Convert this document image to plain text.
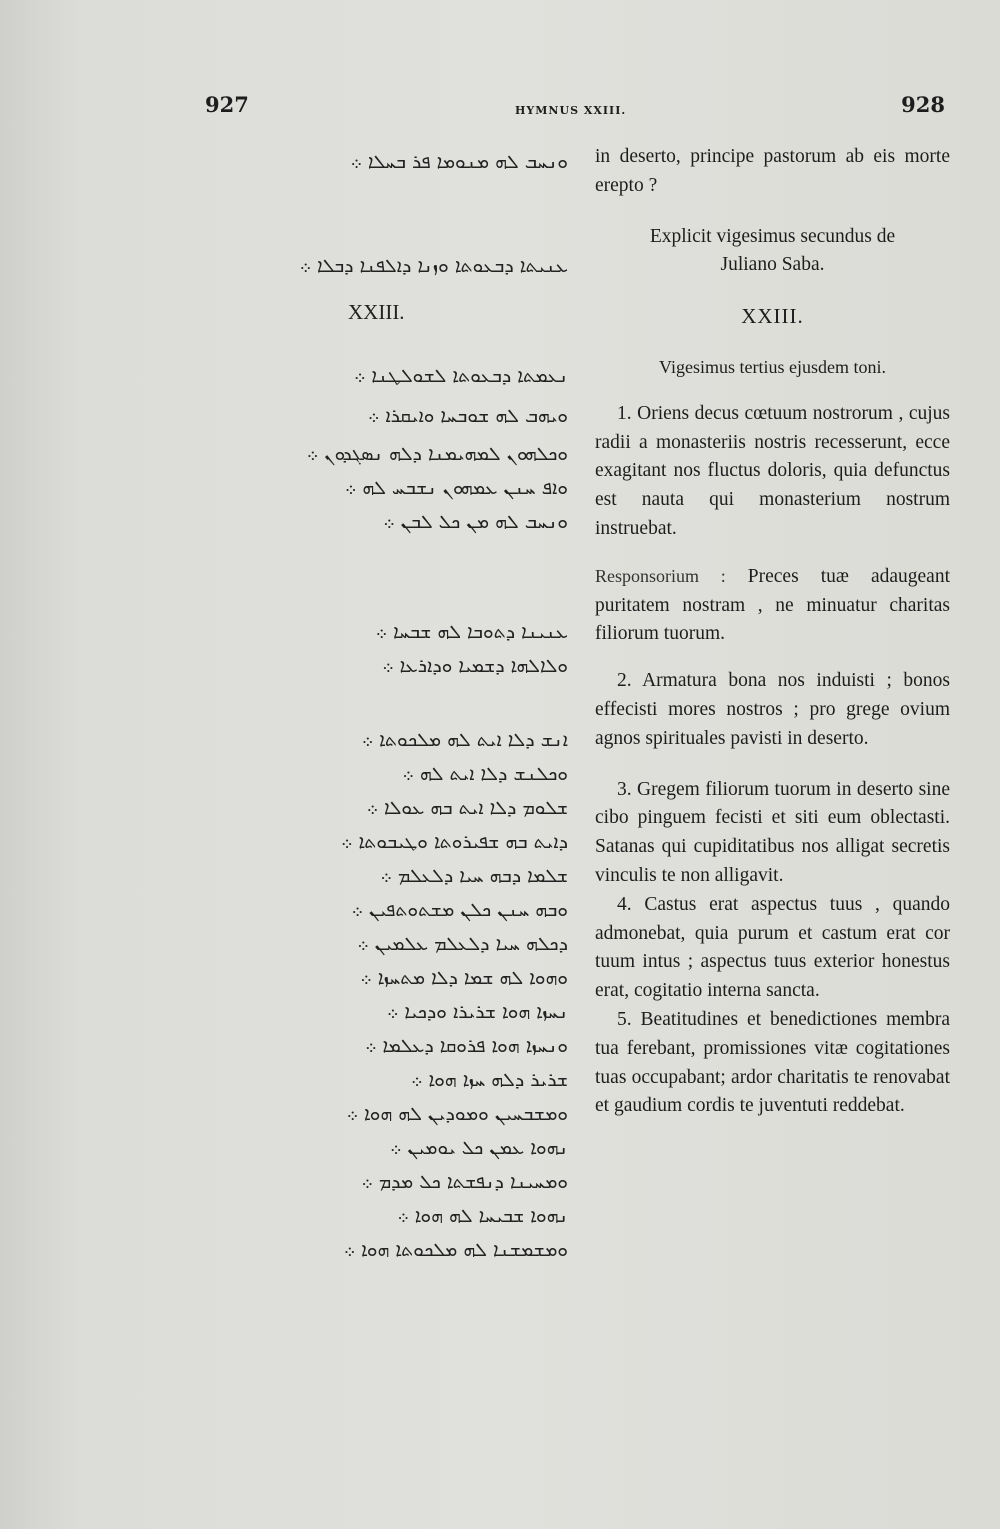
927	HYMNUS XXIII.	928
ܘܢܚܒ ܠܗ ܡܢܘܡܐ ܦܪ ܒܚܠܐ ܀
ܥܢܝܬܐ ܕܒܥܘܬܐ ܘܙܢܐ ܕܐܠܦܢܐ ܕܒܠܐ ܀
XXIII.
ܢܥܡܬܐ ܕܒܥܘܬܐ ܠܫܘܠܛܢܐ ܀
ܘܝܗܒ ܠܗ ܫܘܒܚܐ ܘܐܝܩܪܐ ܀
ܘܟܠܗܘܢ ܠܡܗܝܡܢܐ ܕܠܗ ܢܣܓܕܘܢ ܀
ܘܐܦ ܚܢܢ ܥܡܗܘܢ ܢܫܒܚ ܠܗ ܀
ܘܢܚܒ ܠܗ ܡܢ ܟܠ ܠܒܢ ܀
ܥܢܝܢܐ ܕܬܘܒܐ ܠܗ ܫܒܚܐ ܀
ܘܠܐܠܗܐ ܕܫܡܝܐ ܘܕܐܪܥܐ ܀
ܐܢܫ ܕܠܐ ܐܝܬ ܠܗ ܡܠܟܘܬܐ ܀
ܘܟܠܢܫ ܕܠܐ ܐܝܬ ܠܗ ܀
ܫܠܘܡ ܕܠܐ ܐܝܬ ܒܗ ܥܘܠܐ ܀
ܕܐܝܬ ܒܗ ܫܦܝܪܘܬܐ ܘܛܝܒܘܬܐ ܀
ܫܠܡܐ ܕܒܗ ܚܝܐ ܕܠܥܠܡ ܀
ܘܒܗ ܚܢܢ ܟܠܢ ܡܫܬܘܬܦܝܢ ܀
ܕܟܠܗ ܚܝܐ ܕܠܥܠܡ ܥܠܡܝܢ ܀
ܘܗܘܐ ܠܗ ܫܡܐ ܕܠܐ ܡܬܚܙܐ ܀
ܢܚܙܐ ܗܘܐ ܫܪܝܪܐ ܘܕܟܝܐ ܀
ܘܢܚܙܐ ܗܘܐ ܦܪܘܩܐ ܕܥܠܡܐ ܀
ܫܪܝܪ ܕܠܗ ܚܙܐ ܗܘܐ ܀
ܘܡܫܒܚܝܢ ܘܡܘܕܝܢ ܠܗ ܗܘܐ ܀
ܢܗܘܐ ܥܡܢ ܟܠ ܝܘܡܝܢ ܀
ܘܡܚܝܢܐ ܕܢܦܫܬܐ ܟܠ ܡܕܡ ܀
ܢܗܘܐ ܫܒܝܚܐ ܠܗ ܗܘܐ ܀
ܘܡܫܡܫܢܐ ܠܗ ܡܠܟܘܬܐ ܗܘܐ ܀

in deserto, principe pastorum ab eis morte erepto ?

Explicit vigesimus secundus de

Juliano Saba.

XXIII.

Vigesimus tertius ejusdem toni.

1. Oriens decus cœtuum nostrorum , cujus radii a monasteriis nostris recesserunt, ecce exagitant nos fluctus doloris, quia defunctus est nauta qui monasterium nostrum instruebat.

Responsorium : Preces tuæ adaugeant puritatem nostram , ne minuatur charitas filiorum tuorum.

2. Armatura bona nos induisti ; bonos effecisti mores nostros ; pro grege ovium agnos spirituales pavisti in deserto.

3. Gregem filiorum tuorum in deserto sine cibo pinguem fecisti et siti eum oblectasti. Satanas qui cupiditatibus nos alligat secretis vinculis te non alligavit.

4. Castus erat aspectus tuus , quando admonebat, quia purum et castum erat cor tuum intus ; aspectus tuus exterior honestus erat, cogitatio interna sancta.

5. Beatitudines et benedictiones membra tua ferebant, promissiones vitæ cogitationes tuas occupabant; ardor charitatis te renovabat et gaudium cordis te juventuti reddebat.
